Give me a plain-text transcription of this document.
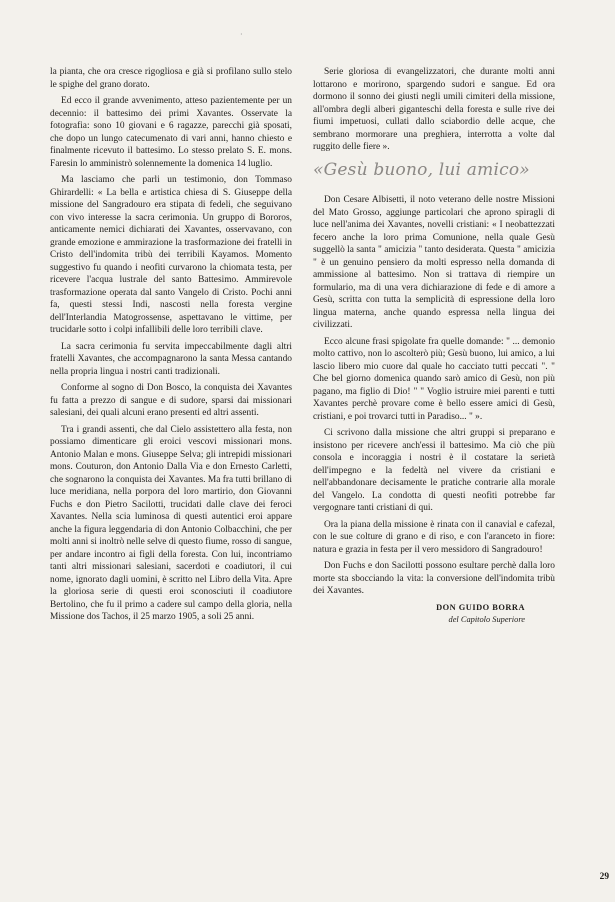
·

la pianta, che ora cresce rigogliosa e già si profilano sullo stelo le spighe del grano dorato.

Ed ecco il grande avvenimento, atteso pazientemente per un decennio: il battesimo dei primi Xavantes. Osservate la fotografia: sono 10 giovani e 6 ragazze, parecchi già sposati, che dopo un lungo catecumenato di vari anni, hanno chiesto e finalmente ricevuto il battesimo. Lo stesso prelato S. E. mons. Faresin lo amministrò solennemente la domenica 14 luglio.

Ma lasciamo che parli un testimonio, don Tommaso Ghirardelli: « La bella e artistica chiesa di S. Giuseppe della missione del Sangradouro era stipata di fedeli, che seguivano con vivo interesse la sacra cerimonia. Un gruppo di Bororos, anticamente nemici dichiarati dei Xavantes, osservavano, con grande emozione e ammirazione la trasformazione dei fratelli in Cristo dell'indomita tribù dei terribili Kayamos. Momento suggestivo fu quando i neofiti curvarono la chiomata testa, per ricevere l'acqua lustrale del santo Battesimo. Ammirevole trasformazione operata dal santo Vangelo di Cristo. Pochi anni fa, questi stessi Indi, nascosti nella foresta vergine dell'Interlandia Matogrossense, aspettavano le vittime, per trucidarle sotto i colpi infallibili delle loro terribili clave.

La sacra cerimonia fu servita impeccabilmente dagli altri fratelli Xavantes, che accompagnarono la santa Messa cantando nella propria lingua i nostri canti tradizionali.

Conforme al sogno di Don Bosco, la conquista dei Xavantes fu fatta a prezzo di sangue e di sudore, sparsi dai missionari salesiani, dei quali alcuni erano presenti ed altri assenti.

Tra i grandi assenti, che dal Cielo assistettero alla festa, non possiamo dimenticare gli eroici vescovi missionari mons. Antonio Malan e mons. Giuseppe Selva; gli intrepidi missionari mons. Couturon, don Antonio Dalla Via e don Ernesto Carletti, che sognarono la conquista dei Xavantes. Ma fra tutti brillano di luce meridiana, nella porpora del loro martirio, don Giovanni Fuchs e don Pietro Sacilotti, trucidati dalle clave dei feroci Xavantes. Nella scia luminosa di questi autentici eroi appare anche la figura leggendaria di don Antonio Colbacchini, che per molti anni si inoltrò nelle selve di questo fiume, rosso di sangue, per andare incontro ai figli della foresta. Con lui, incontriamo tanti altri missionari salesiani, sacerdoti e coadiutori, il cui nome, ignorato dagli uomini, è scritto nel Libro della Vita. Apre la gloriosa serie di questi eroi sconosciuti il coadiutore Bertolino, che fu il primo a cadere sul campo della gloria, nella Missione dos Tachos, il 25 marzo 1905, a soli 25 anni.

Serie gloriosa di evangelizzatori, che durante molti anni lottarono e morirono, spargendo sudori e sangue. Ed ora dormono il sonno dei giusti negli umili cimiteri della missione, all'ombra degli alberi giganteschi della foresta e sulle rive dei fiumi impetuosi, cullati dallo sciabordio delle acque, che sembrano mormorare una preghiera, interrotta a volte dal ruggito delle fiere ».

«Gesù buono, lui amico»

Don Cesare Albisetti, il noto veterano delle nostre Missioni del Mato Grosso, aggiunge particolari che aprono spiragli di luce nell'anima dei Xavantes, novelli cristiani: « I neobattezzati fecero anche la loro prima Comunione, nella quale Gesù suggellò la santa " amicizia " tanto desiderata. Questa " amicizia " è un genuino pensiero da molti espresso nella domanda di ammissione al battesimo. Non si trattava di riempire un formulario, ma di una vera dichiarazione di fede e di amore a Gesù, scritta con tutta la semplicità di espressione della loro lingua materna, anche quando espressa nella lingua dei civilizzati.

Ecco alcune frasi spigolate fra quelle domande: " ... demonio molto cattivo, non lo ascolterò più; Gesù buono, lui amico, a lui lascio libero mio cuore dal quale ho cacciato tutti peccati ". " Che bel giorno domenica quando sarò amico di Gesù, non più pagano, ma figlio di Dio! " " Voglio istruire miei parenti e tutti Xavantes perchè provare come è bello essere amici di Gesù, cristiani, e poi trovarci tutti in Paradiso... " ».

Ci scrivono dalla missione che altri gruppi si preparano e insistono per ricevere anch'essi il battesimo. Ma ciò che più consola e incoraggia i nostri è il costatare la serietà dell'impegno e la fedeltà nel vivere da cristiani e nell'abbandonare decisamente le pratiche contrarie alla morale del Vangelo. La condotta di questi neofiti potrebbe far vergognare tanti cristiani di qui.

Ora la piana della missione è rinata con il canavial e cafezal, con le sue colture di grano e di riso, e con l'aranceto in fiore: natura e grazia in festa per il vero messidoro di Sangradouro!

Don Fuchs e don Sacilotti possono esultare perchè dalla loro morte sta sbocciando la vita: la conversione dell'indomita tribù dei Xavantes.

DON GUIDO BORRA
del Capitolo Superiore
29
